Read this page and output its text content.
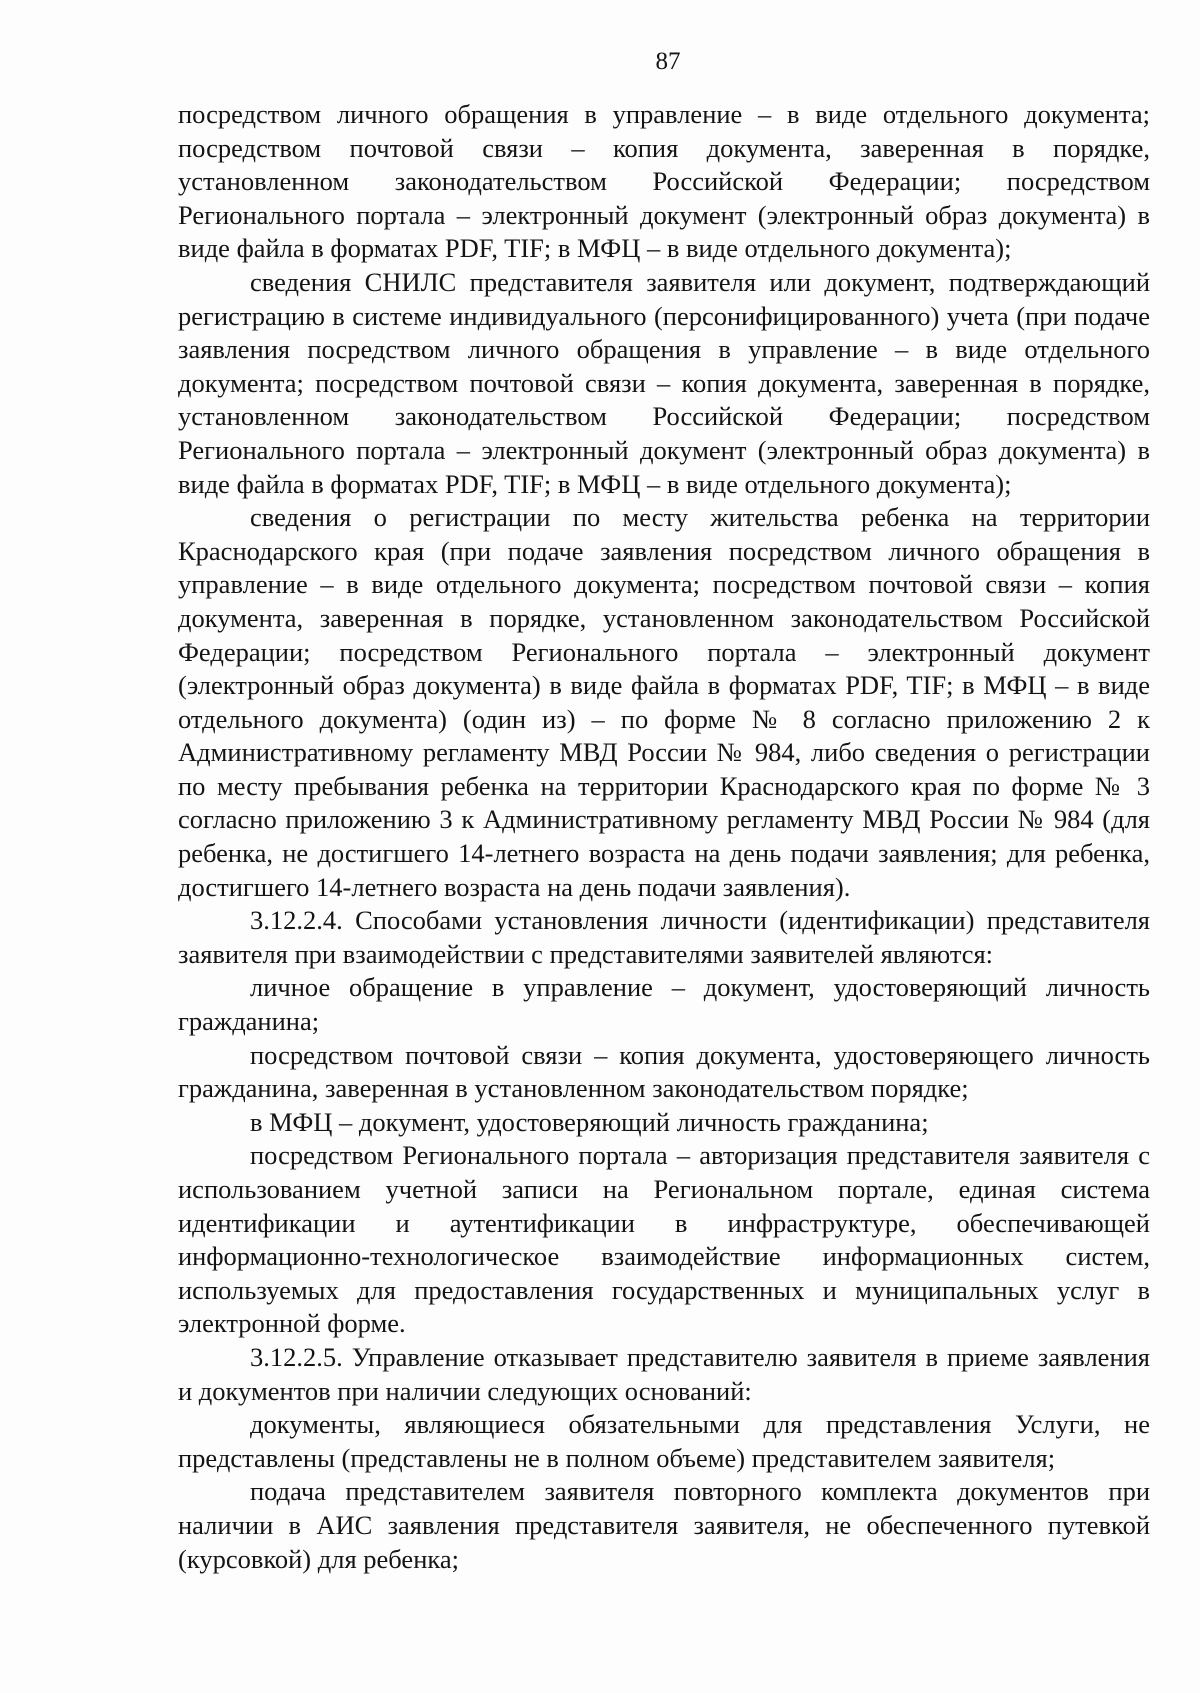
87

посредством личного обращения в управление – в виде отдельного документа; посредством почтовой связи – копия документа, заверенная в порядке, установленном законодательством Российской Федерации; посредством Регионального портала – электронный документ (электронный образ документа) в виде файла в форматах PDF, TIF; в МФЦ – в виде отдельного документа);

сведения СНИЛС представителя заявителя или документ, подтверждающий регистрацию в системе индивидуального (персонифицированного) учета (при подаче заявления посредством личного обращения в управление – в виде отдельного документа; посредством почтовой связи – копия документа, заверенная в порядке, установленном законодательством Российской Федерации; посредством Регионального портала – электронный документ (электронный образ документа) в виде файла в форматах PDF, TIF; в МФЦ – в виде отдельного документа);

сведения о регистрации по месту жительства ребенка на территории Краснодарского края (при подаче заявления посредством личного обращения в управление – в виде отдельного документа; посредством почтовой связи – копия документа, заверенная в порядке, установленном законодательством Российской Федерации; посредством Регионального портала – электронный документ (электронный образ документа) в виде файла в форматах PDF, TIF; в МФЦ – в виде отдельного документа) (один из) – по форме № 8 согласно приложению 2 к Административному регламенту МВД России № 984, либо сведения о регистрации по месту пребывания ребенка на территории Краснодарского края по форме № 3 согласно приложению 3 к Административному регламенту МВД России № 984 (для ребенка, не достигшего 14-летнего возраста на день подачи заявления; для ребенка, достигшего 14-летнего возраста на день подачи заявления).

3.12.2.4. Способами установления личности (идентификации) представителя заявителя при взаимодействии с представителями заявителей являются:

личное обращение в управление – документ, удостоверяющий личность гражданина;

посредством почтовой связи – копия документа, удостоверяющего личность гражданина, заверенная в установленном законодательством порядке;

в МФЦ – документ, удостоверяющий личность гражданина;

посредством Регионального портала – авторизация представителя заявителя с использованием учетной записи на Региональном портале, единая система идентификации и аутентификации в инфраструктуре, обеспечивающей информационно-технологическое взаимодействие информационных систем, используемых для предоставления государственных и муниципальных услуг в электронной форме.

3.12.2.5. Управление отказывает представителю заявителя в приеме заявления и документов при наличии следующих оснований:

документы, являющиеся обязательными для представления Услуги, не представлены (представлены не в полном объеме) представителем заявителя;

подача представителем заявителя повторного комплекта документов при наличии в АИС заявления представителя заявителя, не обеспеченного путевкой (курсовкой) для ребенка;
